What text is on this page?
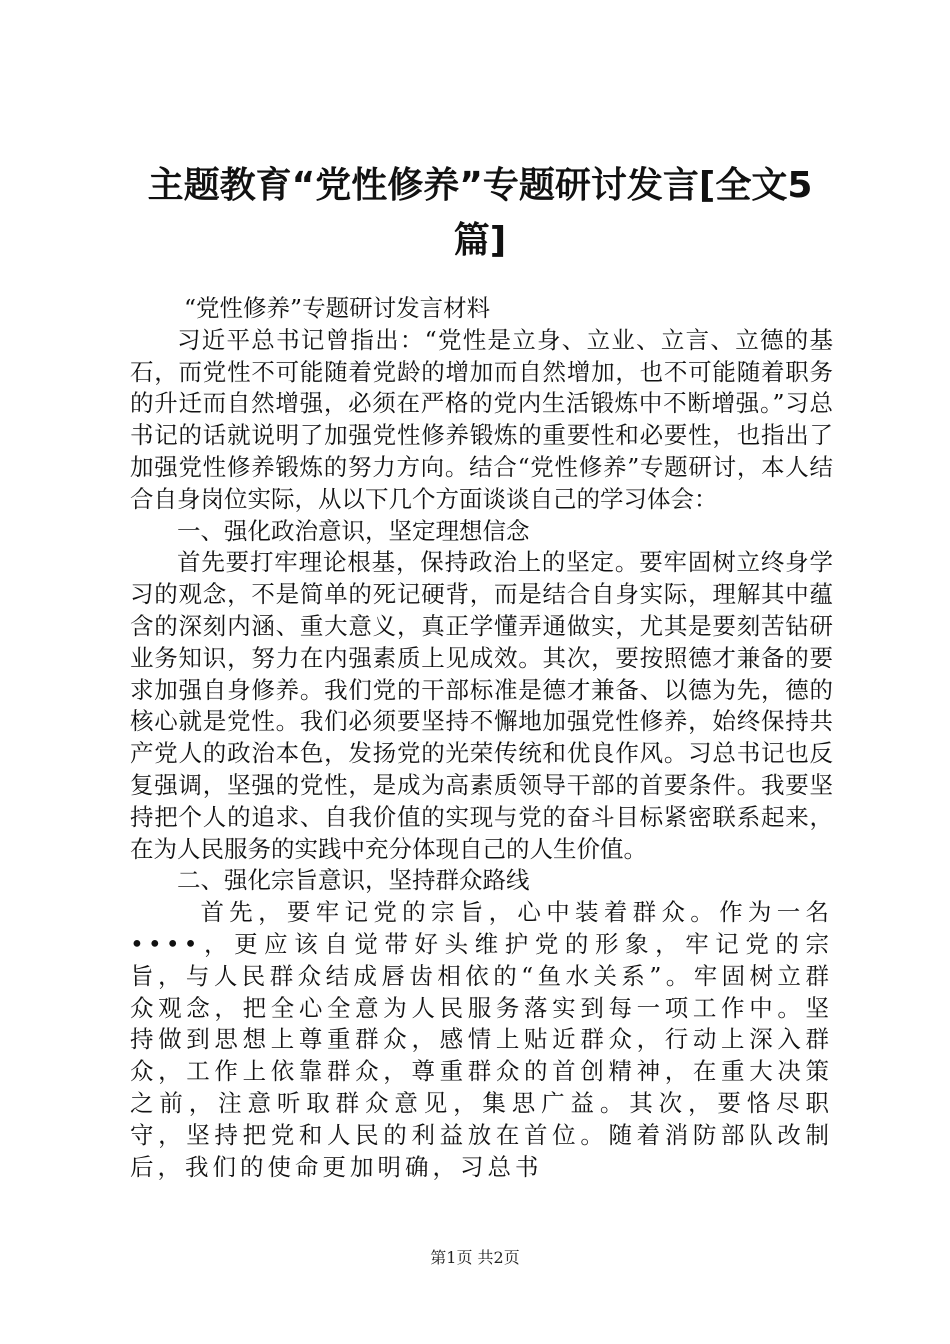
主题教育“党性修养”专题研讨发言[全文5篇]

“党性修养”专题研讨发言材料

习近平总书记曾指出：“党性是立身、立业、立言、立德的基石，而党性不可能随着党龄的增加而自然增加，也不可能随着职务的升迁而自然增强，必须在严格的党内生活锻炼中不断增强。”习总书记的话就说明了加强党性修养锻炼的重要性和必要性，也指出了加强党性修养锻炼的努力方向。结合“党性修养”专题研讨，本人结合自身岗位实际，从以下几个方面谈谈自己的学习体会：

一、强化政治意识，坚定理想信念

首先要打牢理论根基，保持政治上的坚定。要牢固树立终身学习的观念，不是简单的死记硬背，而是结合自身实际，理解其中蕴含的深刻内涵、重大意义，真正学懂弄通做实，尤其是要刻苦钻研业务知识，努力在内强素质上见成效。其次，要按照德才兼备的要求加强自身修养。我们党的干部标准是德才兼备、以德为先，德的核心就是党性。我们必须要坚持不懈地加强党性修养，始终保持共产党人的政治本色，发扬党的光荣传统和优良作风。习总书记也反复强调，坚强的党性，是成为高素质领导干部的首要条件。我要坚持把个人的追求、自我价值的实现与党的奋斗目标紧密联系起来，在为人民服务的实践中充分体现自己的人生价值。

二、强化宗旨意识，坚持群众路线

首先，要牢记党的宗旨，心中装着群众。作为一名••••，更应该自觉带好头维护党的形象，牢记党的宗旨，与人民群众结成唇齿相依的“鱼水关系”。牢固树立群众观念，把全心全意为人民服务落实到每一项工作中。坚持做到思想上尊重群众，感情上贴近群众，行动上深入群众，工作上依靠群众，尊重群众的首创精神，在重大决策之前，注意听取群众意见，集思广益。其次，要恪尽职守，坚持把党和人民的利益放在首位。随着消防部队改制后，我们的使命更加明确，习总书

第1页 共2页
